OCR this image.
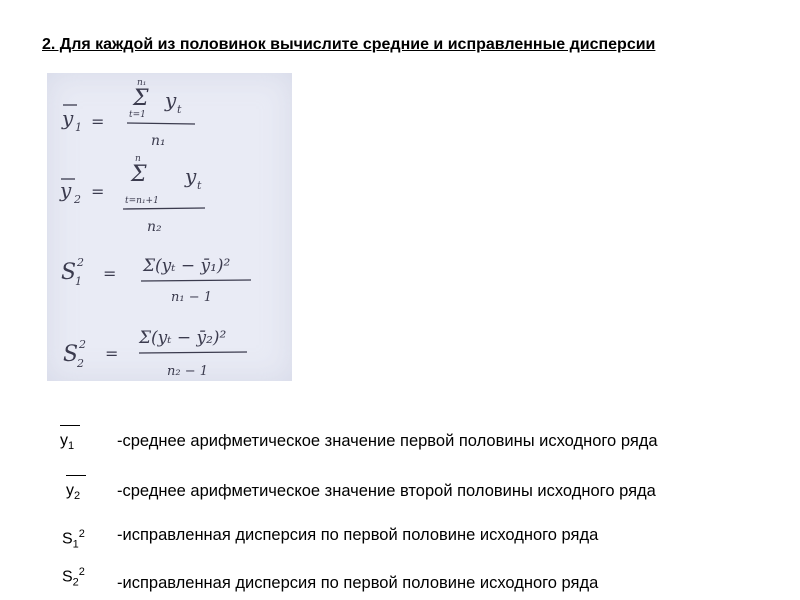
2. Для каждой из половинок вычислите средние и исправленные дисперсии
y 1 =
n₁
Σ
t=1
y t
n₁
y 2 =
n
Σ
t=n₁+1
y t
n₂
S 2
1 = Σ(yₜ − ȳ₁)²
n₁ − 1
S 2
2
=
Σ(yₜ − ȳ₂)²
n₂ − 1
$y_1$	-среднее арифметическое значение первой половины исходного ряда
$y_2$ -среднее арифметическое значение второй половины исходного ряда
$S_1^2$ -исправленная дисперсия по первой половине исходного ряда
$S_2^2$
-исправленная дисперсия по первой половине исходного ряда
